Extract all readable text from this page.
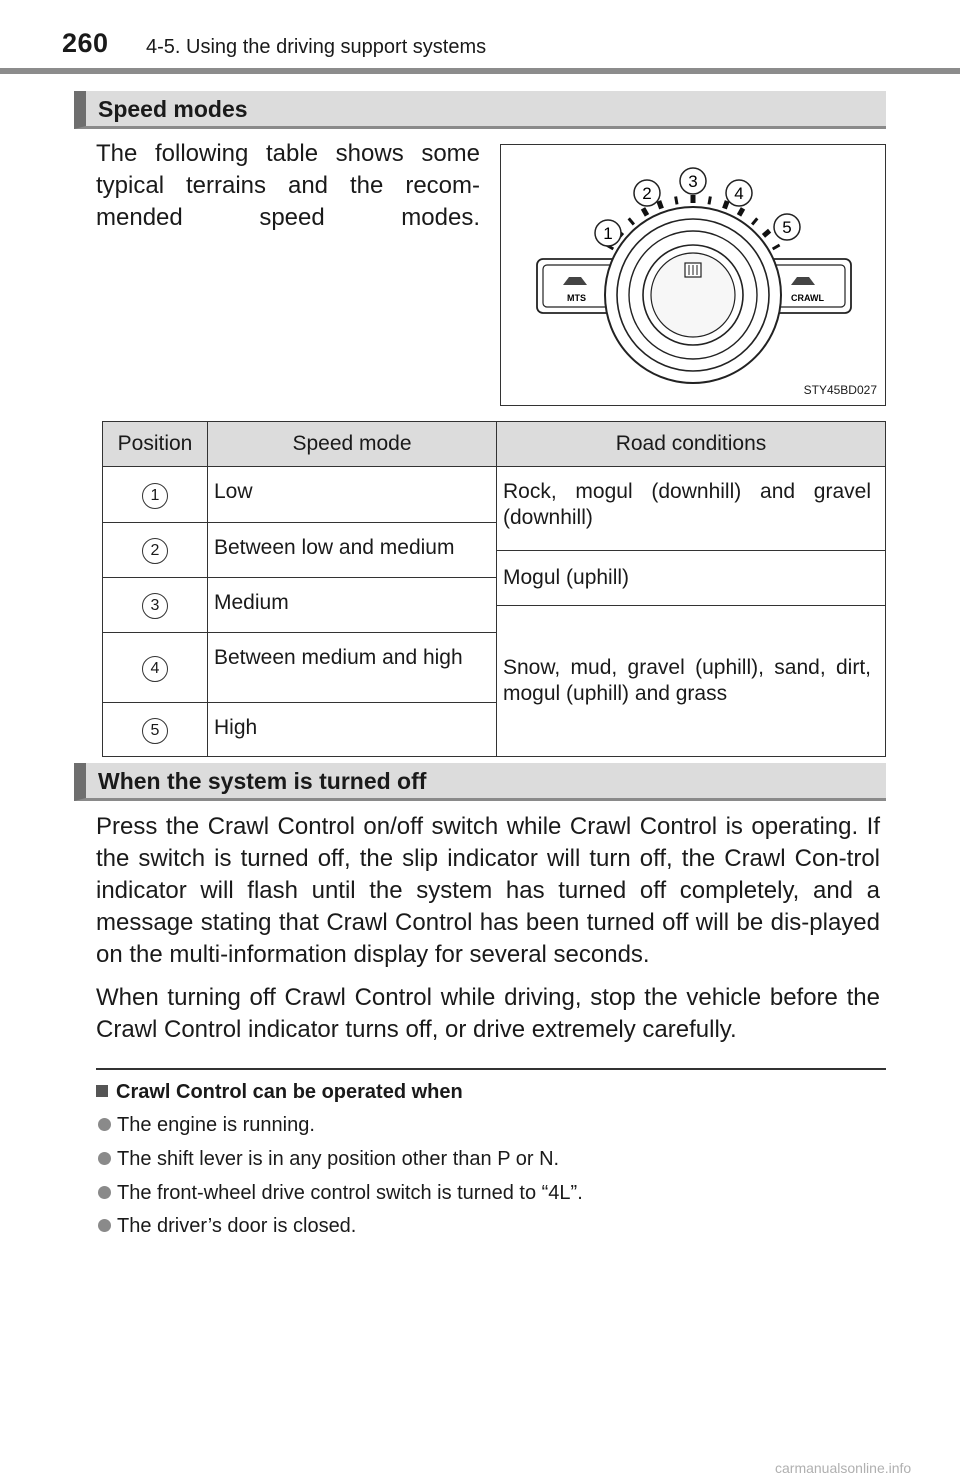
260 4-5. Using the driving support systems
Speed modes

The following table shows some typical terrains and the recom-mended speed modes.

MTS	CRAWL
1
2
3
4
5
STY45BD027
Position	Speed mode	Road conditions
1	Low	Rock, mogul (downhill) and gravel (downhill)

2	Between low and medium	
		Mogul (uphill)
3	Medium	
		Snow, mud, gravel (uphill), sand, dirt, mogul (uphill) and grass
4	Between medium and high	
5	High	
When the system is turned off

Press the Crawl Control on/off switch while Crawl Control is operating. If the switch is turned off, the slip indicator will turn off, the Crawl Con-trol indicator will flash until the system has turned off completely, and a message stating that Crawl Control has been turned off will be dis-played on the multi-information display for several seconds.

When turning off Crawl Control while driving, stop the vehicle before the Crawl Control indicator turns off, or drive extremely carefully.

Crawl Control can be operated when
The engine is running.
The shift lever is in any position other than P or N.
The front-wheel drive control switch is turned to “4L”.
The driver’s door is closed.
carmanualsonline.info
